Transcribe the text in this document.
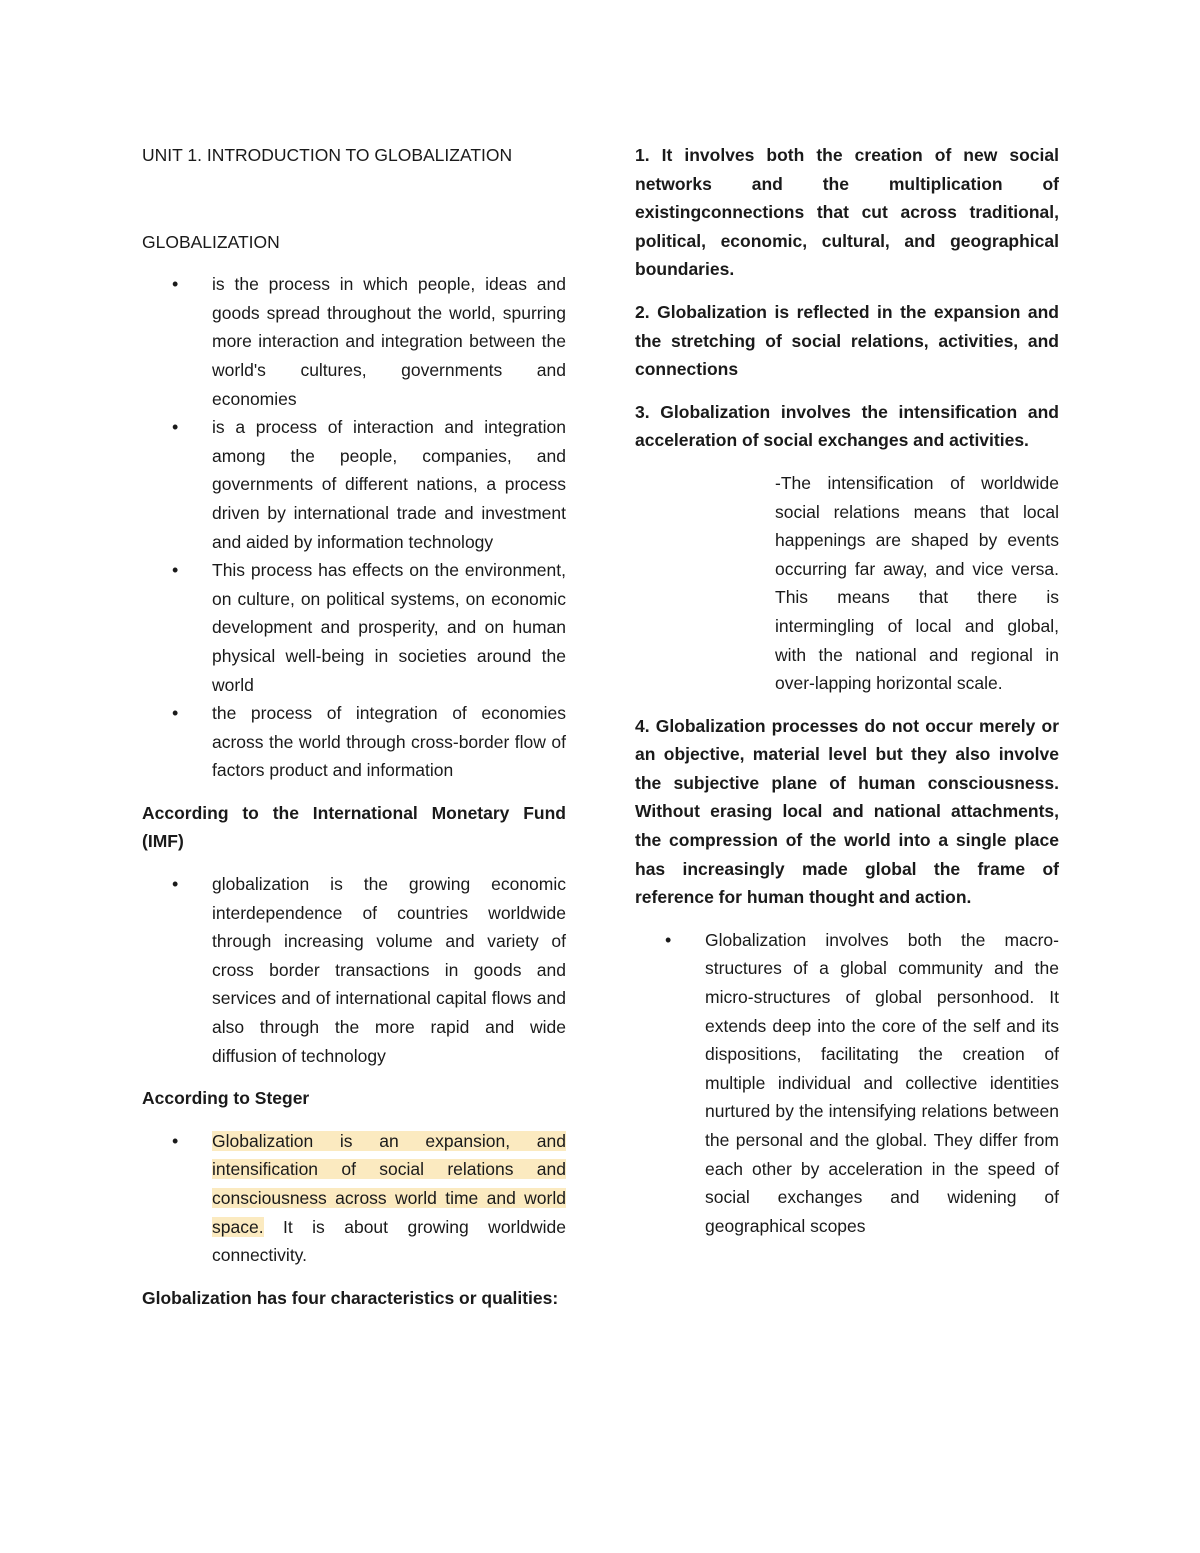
UNIT 1. INTRODUCTION TO GLOBALIZATION

GLOBALIZATION

• is the process in which people, ideas and goods spread throughout the world, spurring more interaction and integration between the world's cultures, governments and economies
• is a process of interaction and integration among the people, companies, and governments of different nations, a process driven by international trade and investment and aided by information technology
• This process has effects on the environment, on culture, on political systems, on economic development and prosperity, and on human physical well-being in societies around the world
• the process of integration of economies across the world through cross-border flow of factors product and information

According to the International Monetary Fund (IMF)

• globalization is the growing economic interdependence of countries worldwide through increasing volume and variety of cross border transactions in goods and services and of international capital flows and also through the more rapid and wide diffusion of technology

According to Steger

• Globalization is an expansion, and intensification of social relations and consciousness across world time and world space. It is about growing worldwide connectivity.

Globalization has four characteristics or qualities:

1. It involves both the creation of new social networks and the multiplication of existingconnections that cut across traditional, political, economic, cultural, and geographical boundaries.

2. Globalization is reflected in the expansion and the stretching of social relations, activities, and connections

3. Globalization involves the intensification and acceleration of social exchanges and activities.

-The intensification of worldwide social relations means that local happenings are shaped by events occurring far away, and vice versa. This means that there is intermingling of local and global, with the national and regional in over-lapping horizontal scale.

4. Globalization processes do not occur merely or an objective, material level but they also involve the subjective plane of human consciousness. Without erasing local and national attachments, the compression of the world into a single place has increasingly made global the frame of reference for human thought and action.

• Globalization involves both the macro-structures of a global community and the micro-structures of global personhood. It extends deep into the core of the self and its dispositions, facilitating the creation of multiple individual and collective identities nurtured by the intensifying relations between the personal and the global. They differ from each other by acceleration in the speed of social exchanges and widening of geographical scopes
